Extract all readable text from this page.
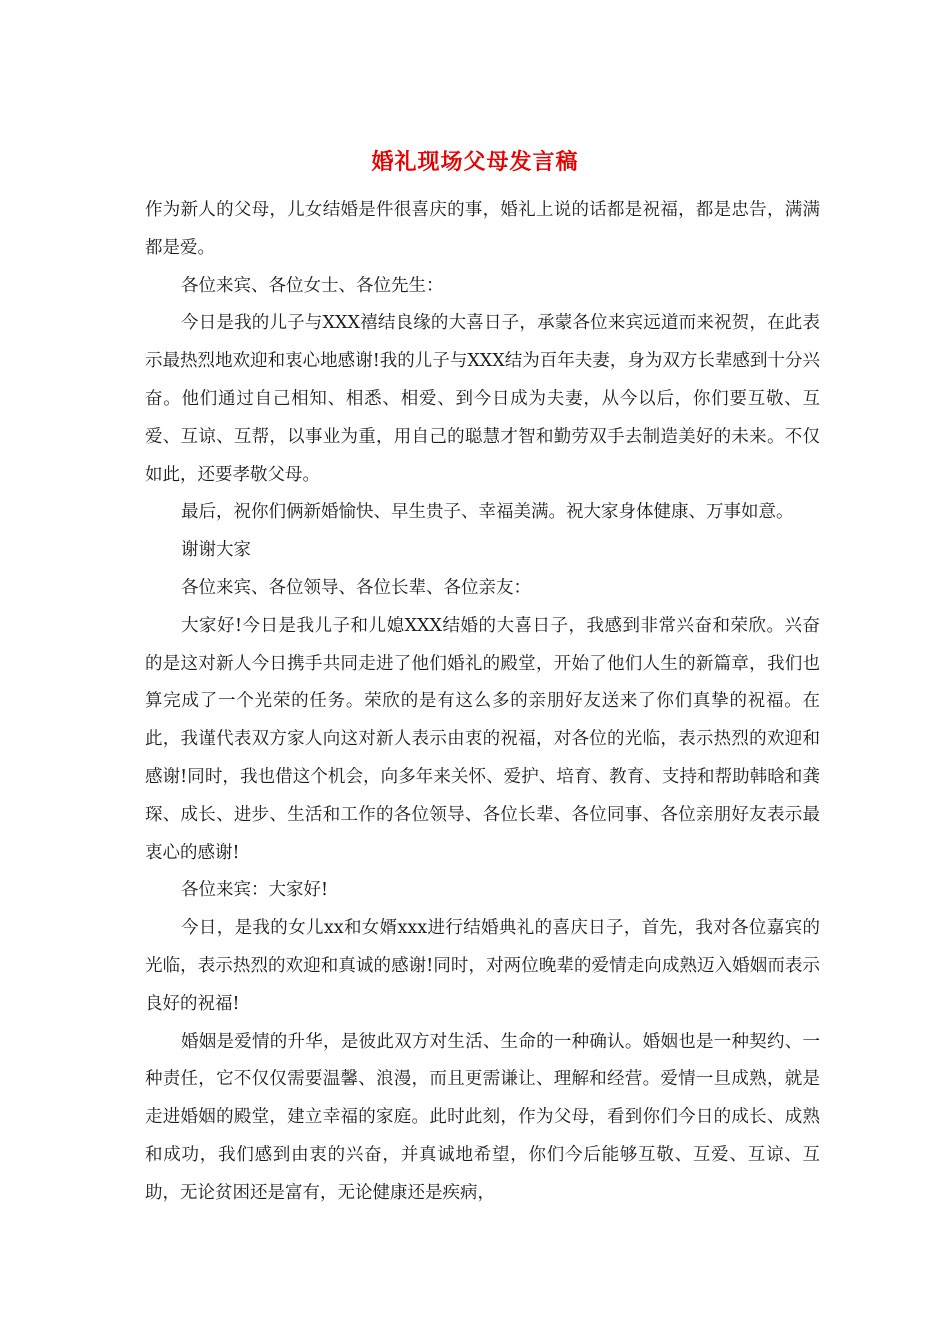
婚礼现场父母发言稿

作为新人的父母，儿女结婚是件很喜庆的事，婚礼上说的话都是祝福，都是忠告，满满都是爱。

各位来宾、各位女士、各位先生：

今日是我的儿子与XXX禧结良缘的大喜日子，承蒙各位来宾远道而来祝贺，在此表示最热烈地欢迎和衷心地感谢!我的儿子与XXX结为百年夫妻，身为双方长辈感到十分兴奋。他们通过自己相知、相悉、相爱、到今日成为夫妻，从今以后，你们要互敬、互爱、互谅、互帮，以事业为重，用自己的聪慧才智和勤劳双手去制造美好的未来。不仅如此，还要孝敬父母。

最后，祝你们俩新婚愉快、早生贵子、幸福美满。祝大家身体健康、万事如意。

谢谢大家

各位来宾、各位领导、各位长辈、各位亲友：

大家好!今日是我儿子和儿媳XXX结婚的大喜日子，我感到非常兴奋和荣欣。兴奋的是这对新人今日携手共同走进了他们婚礼的殿堂，开始了他们人生的新篇章，我们也算完成了一个光荣的任务。荣欣的是有这么多的亲朋好友送来了你们真挚的祝福。在此，我谨代表双方家人向这对新人表示由衷的祝福，对各位的光临，表示热烈的欢迎和感谢!同时，我也借这个机会，向多年来关怀、爱护、培育、教育、支持和帮助韩晗和龚琛、成长、进步、生活和工作的各位领导、各位长辈、各位同事、各位亲朋好友表示最衷心的感谢!

各位来宾：大家好!

今日，是我的女儿xx和女婿xxx进行结婚典礼的喜庆日子，首先，我对各位嘉宾的光临，表示热烈的欢迎和真诚的感谢!同时，对两位晚辈的爱情走向成熟迈入婚姻而表示良好的祝福!

婚姻是爱情的升华，是彼此双方对生活、生命的一种确认。婚姻也是一种契约、一种责任，它不仅仅需要温馨、浪漫，而且更需谦让、理解和经营。爱情一旦成熟，就是走进婚姻的殿堂，建立幸福的家庭。此时此刻，作为父母，看到你们今日的成长、成熟和成功，我们感到由衷的兴奋，并真诚地希望，你们今后能够互敬、互爱、互谅、互助，无论贫困还是富有，无论健康还是疾病，
